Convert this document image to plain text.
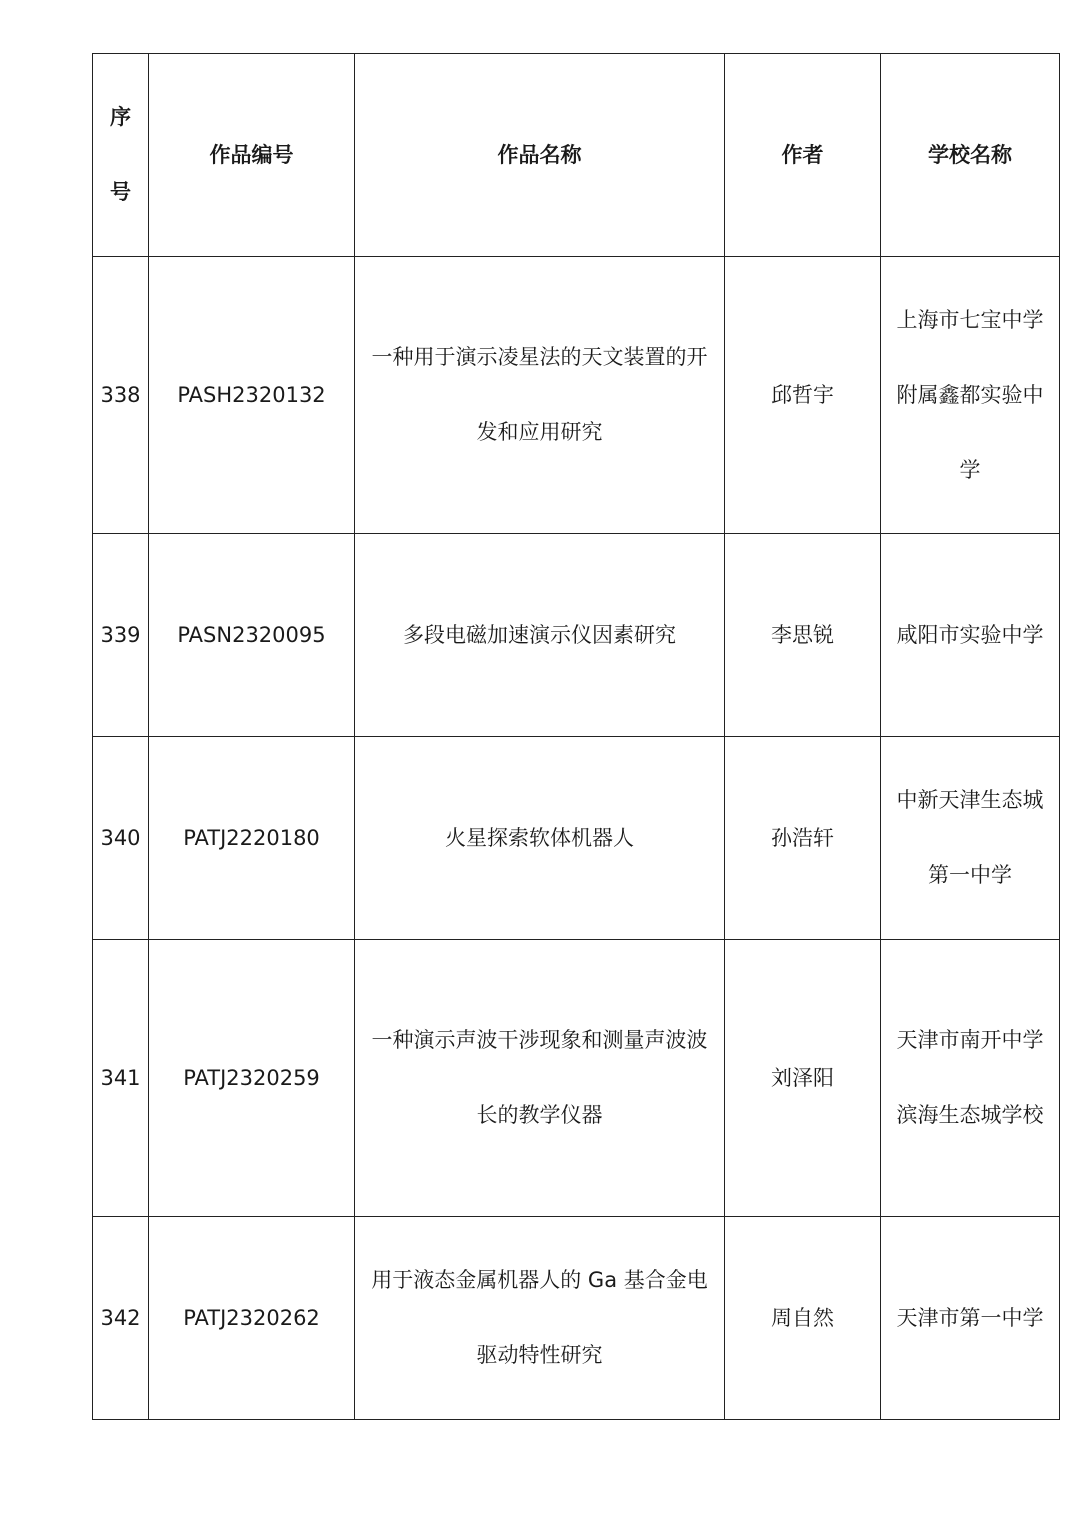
序号	作品编号	作品名称	作者	学校名称
338	PASH2320132	一种用于演示凌星法的天文装置的开发和应用研究	邱哲宇	上海市七宝中学附属鑫都实验中学
339	PASN2320095	多段电磁加速演示仪因素研究	李思锐	咸阳市实验中学
340	PATJ2220180	火星探索软体机器人	孙浩轩	中新天津生态城第一中学
341	PATJ2320259	一种演示声波干涉现象和测量声波波长的教学仪器	刘泽阳	天津市南开中学滨海生态城学校
342	PATJ2320262	用于液态金属机器人的 Ga 基合金电驱动特性研究	周自然	天津市第一中学
